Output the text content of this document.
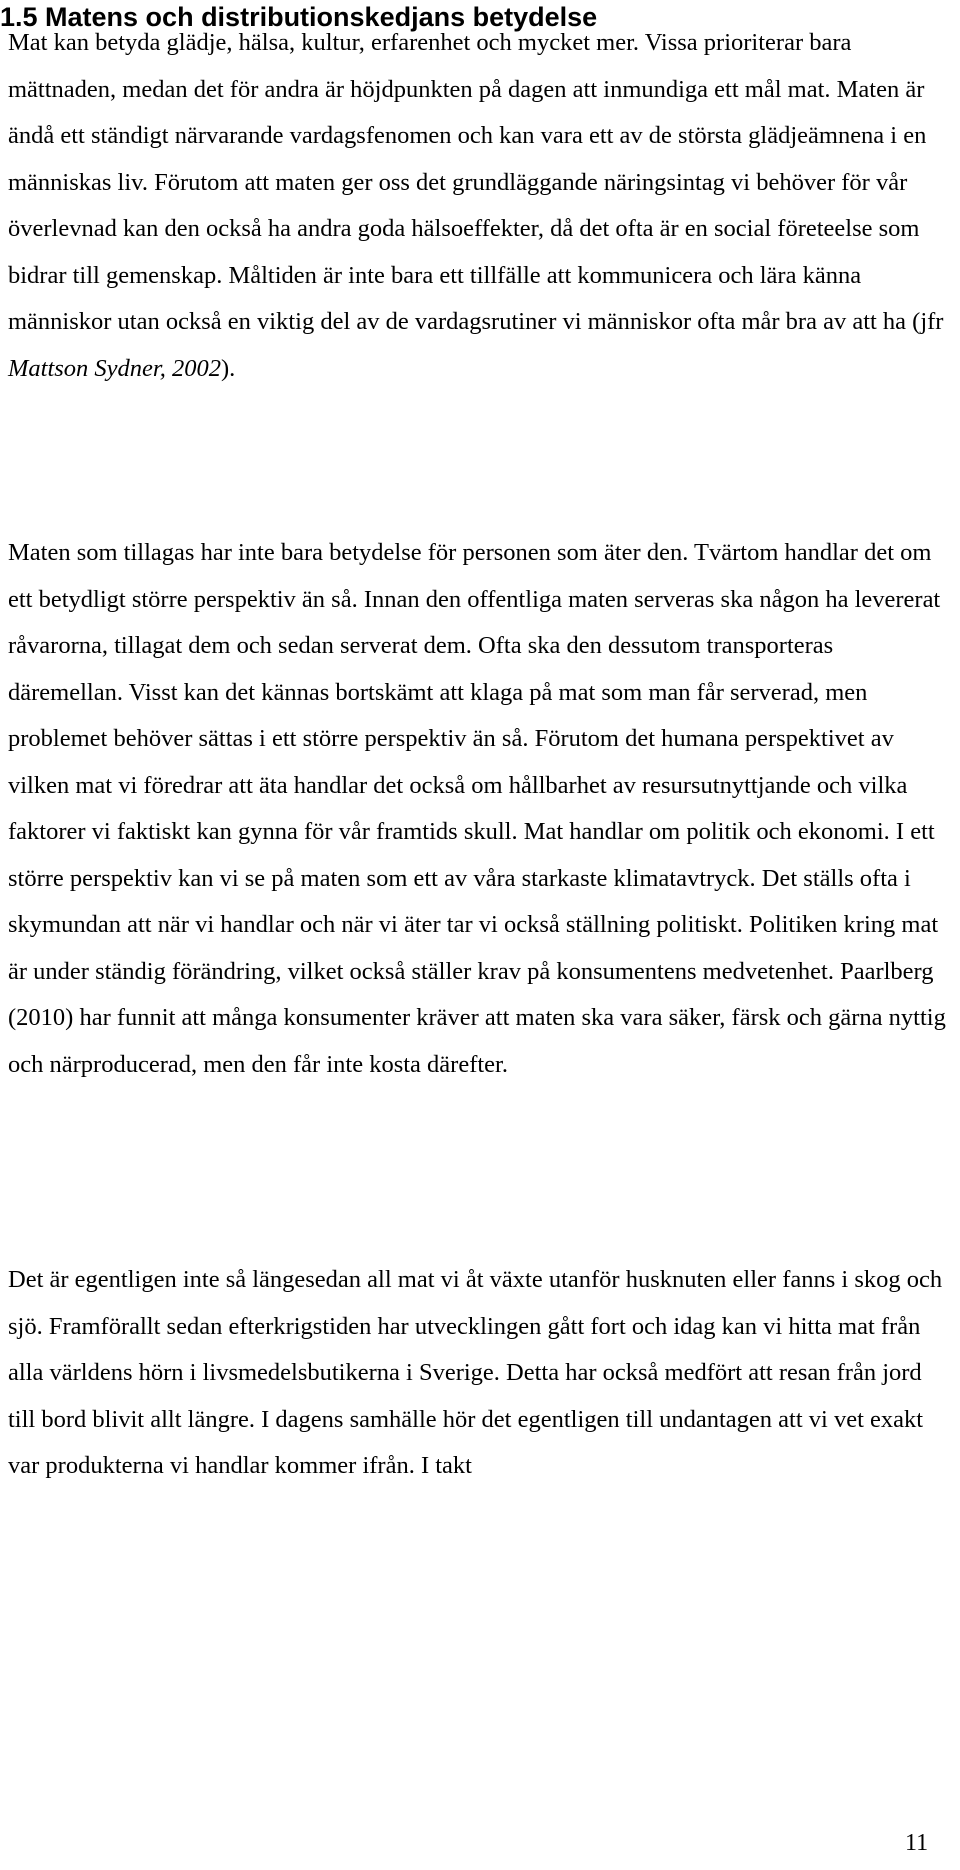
1.5 Matens och distributionskedjans betydelse

Mat kan betyda glädje, hälsa, kultur, erfarenhet och mycket mer. Vissa prioriterar bara mättnaden, medan det för andra är höjdpunkten på dagen att inmundiga ett mål mat. Maten är ändå ett ständigt närvarande vardagsfenomen och kan vara ett av de största glädjeämnena i en människas liv. Förutom att maten ger oss det grundläggande näringsintag vi behöver för vår överlevnad kan den också ha andra goda hälsoeffekter, då det ofta är en social företeelse som bidrar till gemenskap. Måltiden är inte bara ett tillfälle att kommunicera och lära känna människor utan också en viktig del av de vardagsrutiner vi människor ofta mår bra av att ha (jfr Mattson Sydner, 2002).

Maten som tillagas har inte bara betydelse för personen som äter den. Tvärtom handlar det om ett betydligt större perspektiv än så. Innan den offentliga maten serveras ska någon ha levererat råvarorna, tillagat dem och sedan serverat dem. Ofta ska den dessutom transporteras däremellan. Visst kan det kännas bortskämt att klaga på mat som man får serverad, men problemet behöver sättas i ett större perspektiv än så. Förutom det humana perspektivet av vilken mat vi föredrar att äta handlar det också om hållbarhet av resursutnyttjande och vilka faktorer vi faktiskt kan gynna för vår framtids skull. Mat handlar om politik och ekonomi. I ett större perspektiv kan vi se på maten som ett av våra starkaste klimatavtryck. Det ställs ofta i skymundan att när vi handlar och när vi äter tar vi också ställning politiskt. Politiken kring mat är under ständig förändring, vilket också ställer krav på konsumentens medvetenhet. Paarlberg (2010) har funnit att många konsumenter kräver att maten ska vara säker, färsk och gärna nyttig och närproducerad, men den får inte kosta därefter.

Det är egentligen inte så längesedan all mat vi åt växte utanför husknuten eller fanns i skog och sjö. Framförallt sedan efterkrigstiden har utvecklingen gått fort och idag kan vi hitta mat från alla världens hörn i livsmedelsbutikerna i Sverige. Detta har också medfört att resan från jord till bord blivit allt längre. I dagens samhälle hör det egentligen till undantagen att vi vet exakt var produkterna vi handlar kommer ifrån. I takt

11
